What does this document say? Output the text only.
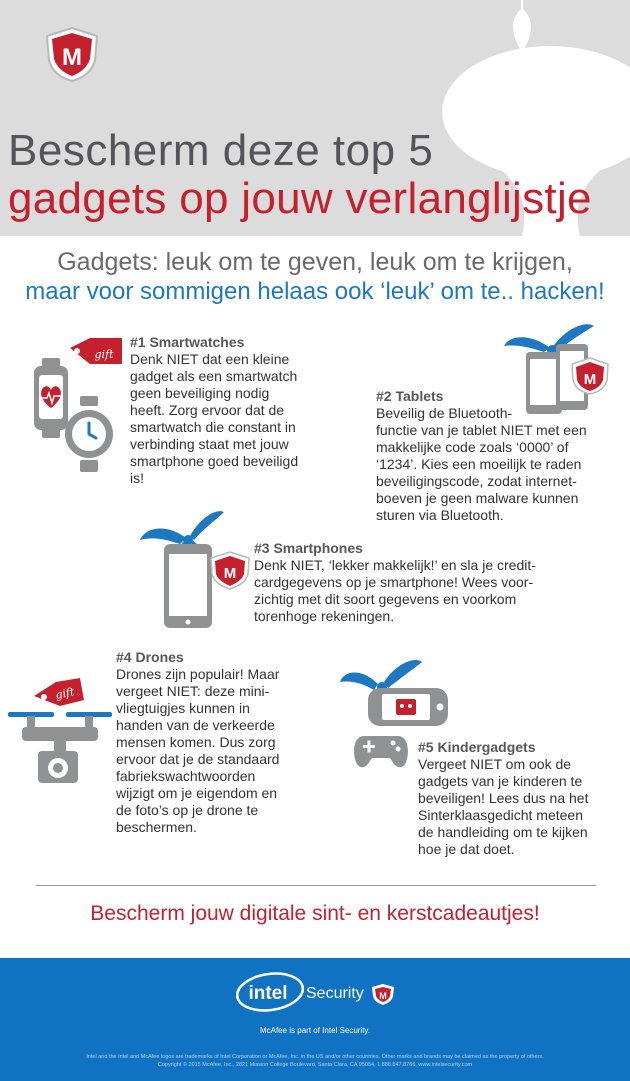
M
Bescherm deze top 5
gadgets op jouw verlanglijstje
Gadgets: leuk om te geven, leuk om te krijgen,
maar voor sommigen helaas ook ‘leuk’ om te.. hacken!
gift
#1 Smartwatches

Denk NIET dat een kleine

gadget als een smartwatch

geen beveiliging nodig

heeft. Zorg ervoor dat de

smartwatch die constant in

verbinding staat met jouw

smartphone goed beveiligd

is!

M
#2 Tablets

Beveilig de Bluetooth-

functie van je tablet NIET met een

makkelijke code zoals ‘0000’ of

‘1234’. Kies een moeilijk te raden

beveiligingscode, zodat internet-

boeven je geen malware kunnen

sturen via Bluetooth.

M
#3 Smartphones

Denk NIET, ‘lekker makkelijk!’ en sla je credit-

cardgegevens op je smartphone! Wees voor-

zichtig met dit soort gegevens en voorkom

torenhoge rekeningen.

gift
#4 Drones

Drones zijn populair! Maar

vergeet NIET: deze mini-

vliegtuigjes kunnen in

handen van de verkeerde

mensen komen. Dus zorg

ervoor dat je de standaard

fabriekswachtwoorden

wijzigt om je eigendom en

de foto’s op je drone te

beschermen.

#5 Kindergadgets

Vergeet NIET om ook de

gadgets van je kinderen te

beveiligen! Lees dus na het

Sinterklaasgedicht meteen

de handleiding om te kijken

hoe je dat doet.

Bescherm jouw digitale sint- en kerstcadeautjes!
intel Security M
McAfee is part of Intel Security.
Intel and the Intel and McAfee logos are trademarks of Intel Corporation or McAfee, Inc. in the US and/or other countries. Other marks and brands may be claimed as the property of others.
Copyright © 2015 McAfee, Inc., 2821 Mission College Boulevard, Santa Clara, CA 95054, 1.888.847.8766, www.intelsecurity.com
